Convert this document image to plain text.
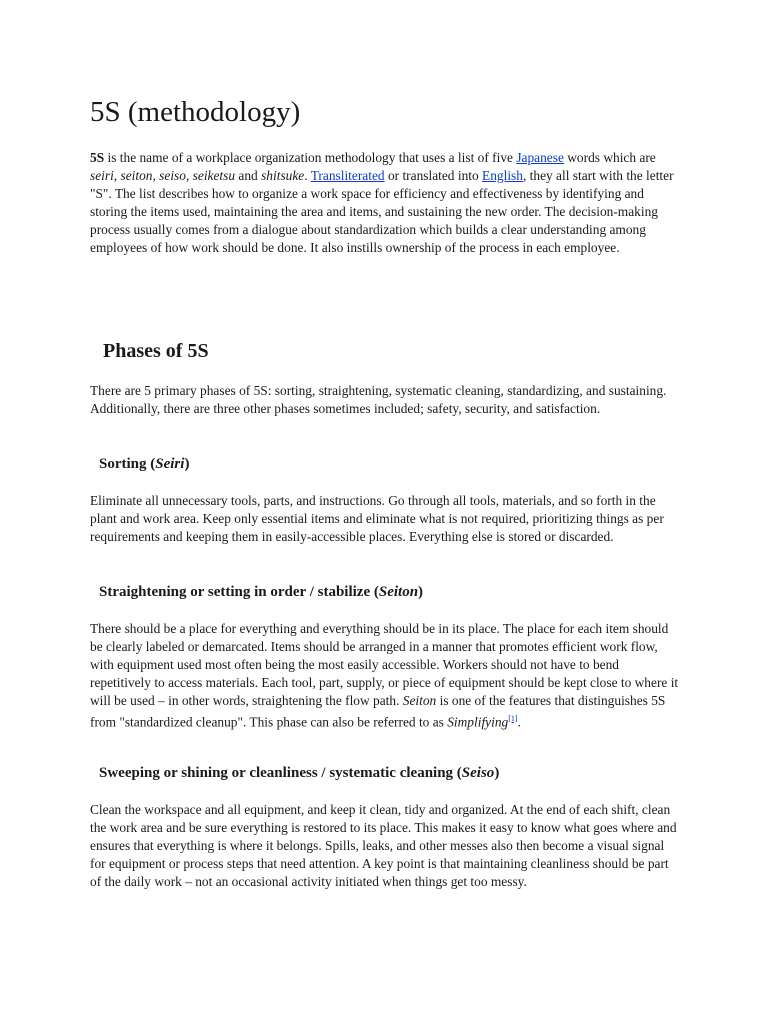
5S (methodology)

5S is the name of a workplace organization methodology that uses a list of five Japanese words which are seiri, seiton, seiso, seiketsu and shitsuke. Transliterated or translated into English, they all start with the letter "S". The list describes how to organize a work space for efficiency and effectiveness by identifying and storing the items used, maintaining the area and items, and sustaining the new order. The decision-making process usually comes from a dialogue about standardization which builds a clear understanding among employees of how work should be done. It also instills ownership of the process in each employee.

Phases of 5S

There are 5 primary phases of 5S: sorting, straightening, systematic cleaning, standardizing, and sustaining. Additionally, there are three other phases sometimes included; safety, security, and satisfaction.

Sorting (Seiri)

Eliminate all unnecessary tools, parts, and instructions. Go through all tools, materials, and so forth in the plant and work area. Keep only essential items and eliminate what is not required, prioritizing things as per requirements and keeping them in easily-accessible places. Everything else is stored or discarded.

Straightening or setting in order / stabilize (Seiton)

There should be a place for everything and everything should be in its place. The place for each item should be clearly labeled or demarcated. Items should be arranged in a manner that promotes efficient work flow, with equipment used most often being the most easily accessible. Workers should not have to bend repetitively to access materials. Each tool, part, supply, or piece of equipment should be kept close to where it will be used – in other words, straightening the flow path. Seiton is one of the features that distinguishes 5S from "standardized cleanup". This phase can also be referred to as Simplifying[1].

Sweeping or shining or cleanliness / systematic cleaning (Seiso)

Clean the workspace and all equipment, and keep it clean, tidy and organized. At the end of each shift, clean the work area and be sure everything is restored to its place. This makes it easy to know what goes where and ensures that everything is where it belongs. Spills, leaks, and other messes also then become a visual signal for equipment or process steps that need attention. A key point is that maintaining cleanliness should be part of the daily work – not an occasional activity initiated when things get too messy.
